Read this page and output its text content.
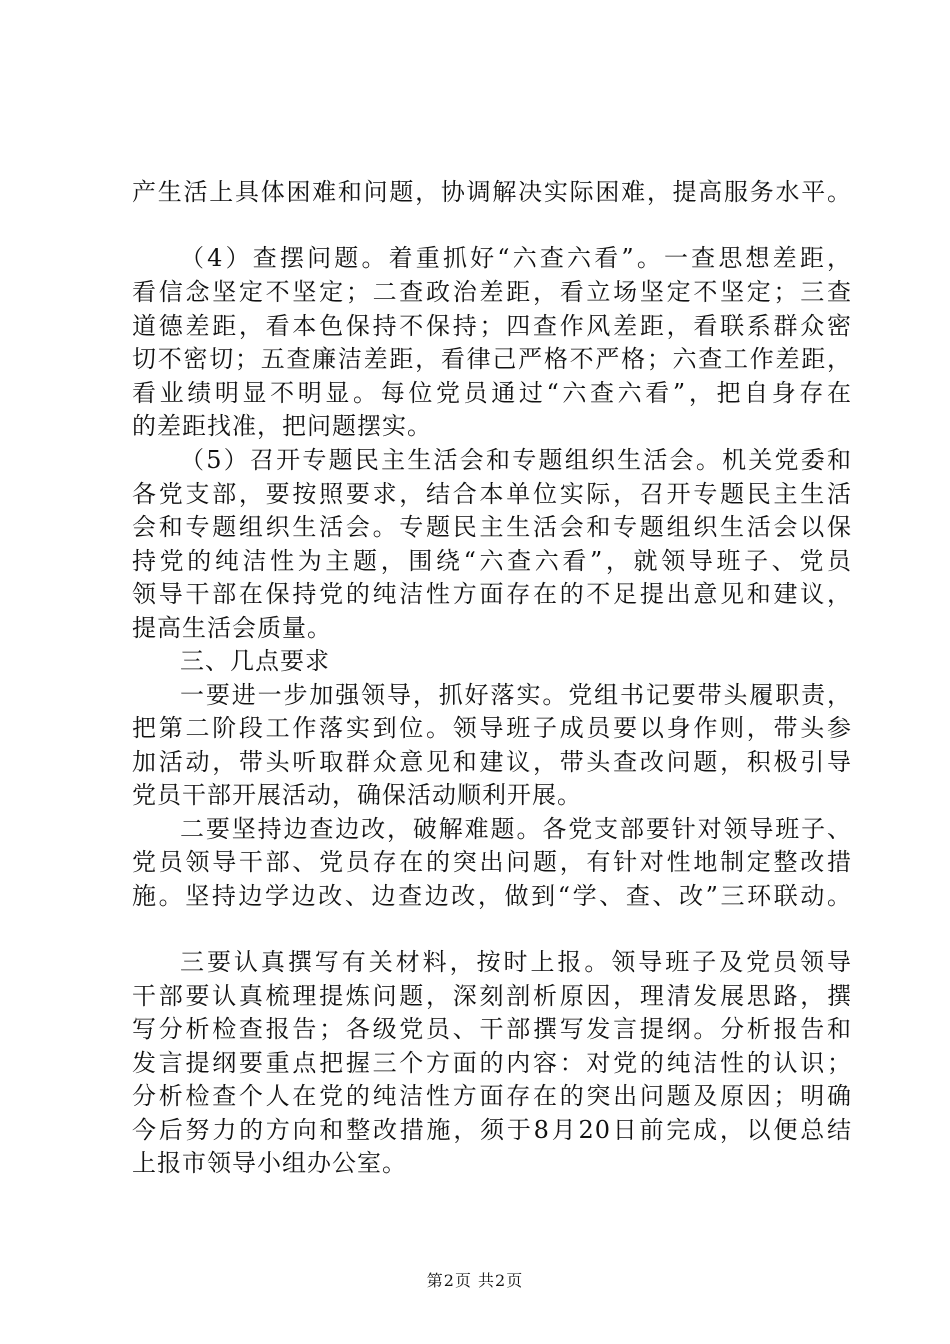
产生活上具体困难和问题，协调解决实际困难，提高服务水平。
（4）查摆问题。着重抓好“六查六看”。一查思想差距，
看信念坚定不坚定；二查政治差距，看立场坚定不坚定；三查
道德差距，看本色保持不保持；四查作风差距，看联系群众密
切不密切；五查廉洁差距，看律己严格不严格；六查工作差距，
看业绩明显不明显。每位党员通过“六查六看”，把自身存在
的差距找准，把问题摆实。
（5）召开专题民主生活会和专题组织生活会。机关党委和
各党支部，要按照要求，结合本单位实际，召开专题民主生活
会和专题组织生活会。专题民主生活会和专题组织生活会以保
持党的纯洁性为主题，围绕“六查六看”，就领导班子、党员
领导干部在保持党的纯洁性方面存在的不足提出意见和建议，
提高生活会质量。
三、几点要求
一要进一步加强领导，抓好落实。党组书记要带头履职责，
把第二阶段工作落实到位。领导班子成员要以身作则，带头参
加活动，带头听取群众意见和建议，带头查改问题，积极引导
党员干部开展活动，确保活动顺利开展。
二要坚持边查边改，破解难题。各党支部要针对领导班子、
党员领导干部、党员存在的突出问题，有针对性地制定整改措
施。坚持边学边改、边查边改，做到“学、查、改”三环联动。
三要认真撰写有关材料，按时上报。领导班子及党员领导
干部要认真梳理提炼问题，深刻剖析原因，理清发展思路，撰
写分析检查报告；各级党员、干部撰写发言提纲。分析报告和
发言提纲要重点把握三个方面的内容：对党的纯洁性的认识；
分析检查个人在党的纯洁性方面存在的突出问题及原因；明确
今后努力的方向和整改措施，须于8月20日前完成，以便总结
上报市领导小组办公室。
第2页 共2页
